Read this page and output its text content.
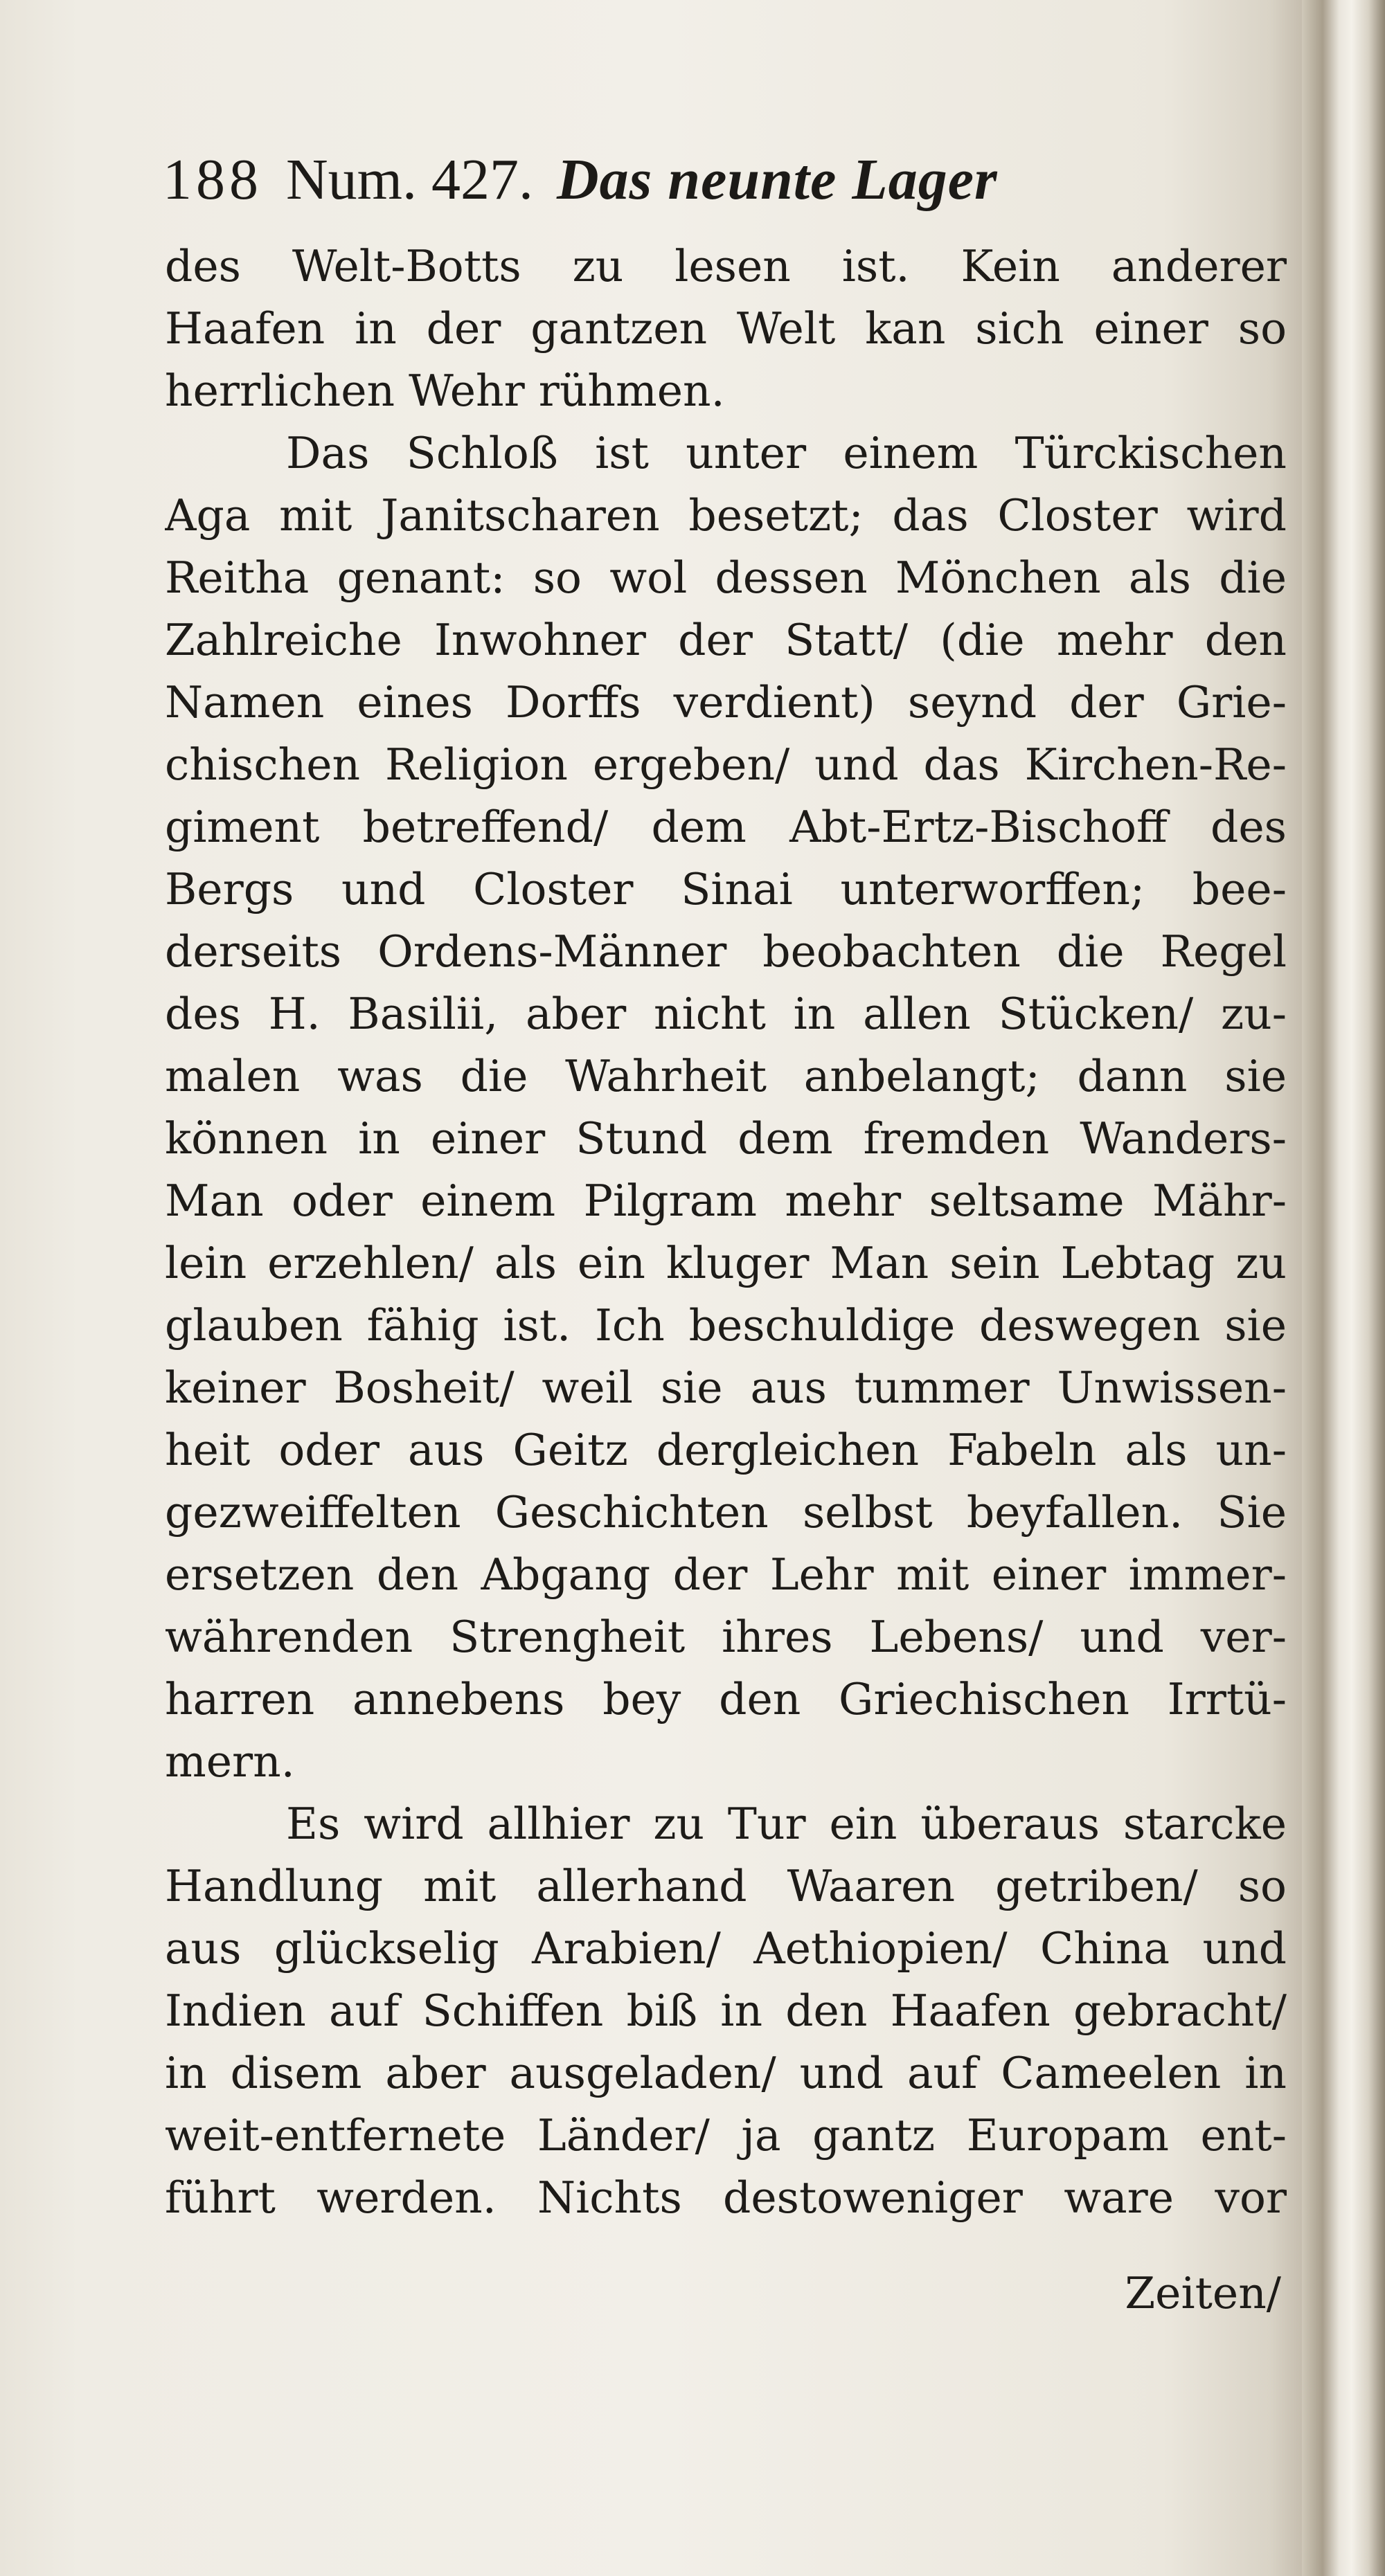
188 Num. 427. Das neunte Lager
des Welt-Botts zu lesen ist. Kein anderer
Haafen in der gantzen Welt kan sich einer so
herrlichen Wehr rühmen.
Das Schloß ist unter einem Türckischen
Aga mit Janitscharen besetzt; das Closter wird
Reitha genant: so wol dessen Mönchen als die
Zahlreiche Inwohner der Statt/ (die mehr den
Namen eines Dorffs verdient) seynd der Grie-
chischen Religion ergeben/ und das Kirchen-Re-
giment betreffend/ dem Abt-Ertz-Bischoff des
Bergs und Closter Sinai unterworffen; bee-
derseits Ordens-Männer beobachten die Regel
des H. Basilii, aber nicht in allen Stücken/ zu-
malen was die Wahrheit anbelangt; dann sie
können in einer Stund dem fremden Wanders-
Man oder einem Pilgram mehr seltsame Mähr-
lein erzehlen/ als ein kluger Man sein Lebtag zu
glauben fähig ist. Ich beschuldige deswegen sie
keiner Bosheit/ weil sie aus tummer Unwissen-
heit oder aus Geitz dergleichen Fabeln als un-
gezweiffelten Geschichten selbst beyfallen. Sie
ersetzen den Abgang der Lehr mit einer immer-
währenden Strengheit ihres Lebens/ und ver-
harren annebens bey den Griechischen Irrtü-
mern.
Es wird allhier zu Tur ein überaus starcke
Handlung mit allerhand Waaren getriben/ so
aus glückselig Arabien/ Aethiopien/ China und
Indien auf Schiffen biß in den Haafen gebracht/
in disem aber ausgeladen/ und auf Cameelen in
weit-entfernete Länder/ ja gantz Europam ent-
führt werden. Nichts destoweniger ware vor
Zeiten/
